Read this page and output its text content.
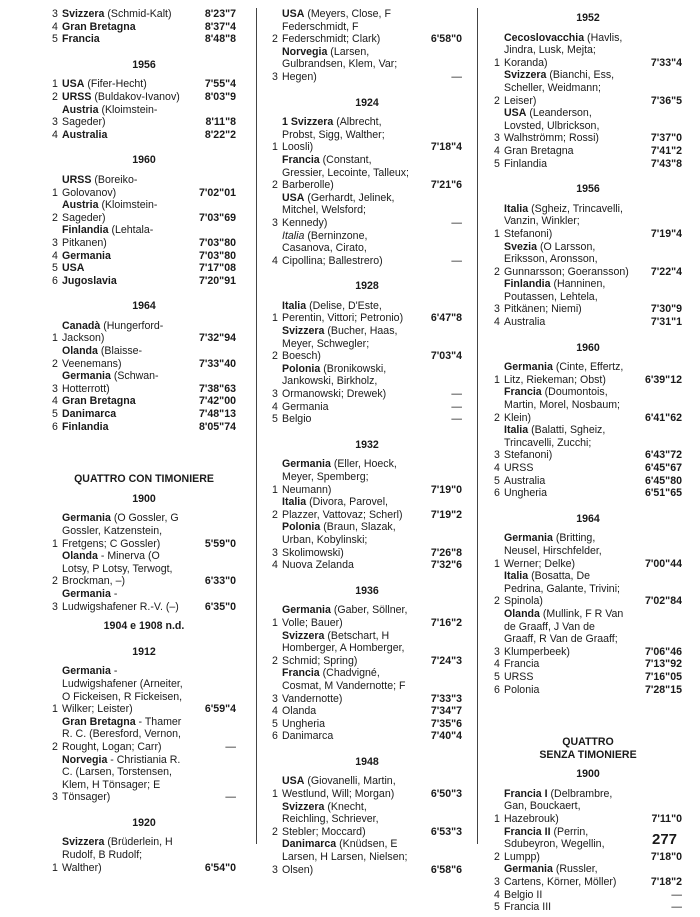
3 Svizzera (Schmid-Kalt)	8'23"7
4 Gran Bretagna	8'37"4
5 Francia	8'48"8
1956
1 USA (Fifer-Hecht)	7'55"4
2 URSS (Buldakov-Ivanov)	8'03"9
3
Austria (Kloimstein-Sageder)	8'11"8
4 Australia	8'22"2
1960
1
URSS (Boreiko-Golovanov)	7'02"01
2
Austria (Kloimstein-Sageder)	7'03"69
3
Finlandia (Lehtala-Pitkanen)	7'03"80
4 Germania	7'03"80
5 USA	7'17"08
6 Jugoslavia	7'20"91
1964
1
Canadà (Hungerford-Jackson)	7'32"94
2
Olanda (Blaisse-Veenemans)	7'33"40
3
Germania (Schwan-Hotterrott)	7'38"63
4 Gran Bretagna	7'42"00
5 Danimarca	7'48"13
6 Finlandia	8'05"74
QUATTRO CON TIMONIERE
1900
1
Germania (O Gossler, G Gossler, Katzenstein, Fretgens; C Gossler)	5'59"0
2
Olanda - Minerva (O Lotsy, P Lotsy, Terwogt, Brockman, –)	6'33"0
3
Germania - Ludwigshafener R.-V. (–)	6'35"0
1904 e 1908 n.d.
1912
1
Germania - Ludwigshafener (Arneiter, O Fickeisen, R Fickeisen, Wilker; Leister)	6'59"4
2
Gran Bretagna - Thamer R. C. (Beresford, Vernon, Rought, Logan; Carr)	—
3
Norvegia - Christiania R. C. (Larsen, Torstensen, Klem, H Tönsager; E Tönsager)	—
1920
1
Svizzera (Brüderlein, H Rudolf, B Rudolf; Walther)	6'54"0
2
USA (Meyers, Close, F Federschmidt, F Federschmidt; Clark)	6'58"0
3
Norvegia (Larsen, Gulbrandsen, Klem, Var; Hegen)	—
1924
1
1 Svizzera (Albrecht, Probst, Sigg, Walther; Loosli)	7'18"4
2
Francia (Constant, Gressier, Lecointe, Talleux; Barberolle)	7'21"6
3
USA (Gerhardt, Jelinek, Mitchel, Welsford; Kennedy)	—
4
Italia (Berninzone, Casanova, Cirato, Cipollina; Ballestrero)	—
1928
1
Italia (Delise, D'Este, Perentin, Vittori; Petronio)	6'47"8
2
Svizzera (Bucher, Haas, Meyer, Schwegler; Boesch)	7'03"4
3
Polonia (Bronikowski, Jankowski, Birkholz, Ormanowski; Drewek)	—
4 Germania	—
5 Belgio	—
1932
1
Germania (Eller, Hoeck, Meyer, Spemberg; Neumann)	7'19"0
2
Italia (Divora, Parovel, Plazzer, Vattovaz; Scherl)	7'19"2
3
Polonia (Braun, Slazak, Urban, Kobylinski; Skolimowski)	7'26"8
4 Nuova Zelanda	7'32"6
1936
1
Germania (Gaber, Söllner, Volle; Bauer)	7'16"2
2
Svizzera (Betschart, H Homberger, A Homberger, Schmid; Spring)	7'24"3
3
Francia (Chadvigné, Cosmat, M Vandernotte; F Vandernotte)	7'33"3
4 Olanda	7'34"7
5 Ungheria	7'35"6
6 Danimarca	7'40"4
1948
1
USA (Giovanelli, Martin, Westlund, Will; Morgan)	6'50"3
2
Svizzera (Knecht, Reichling, Schriever, Stebler; Moccard)	6'53"3
3
Danimarca (Knüdsen, E Larsen, H Larsen, Nielsen; Olsen)	6'58"6
1952
1
Cecoslovacchia (Havlis, Jindra, Lusk, Mejta; Koranda)	7'33"4
2
Svizzera (Bianchi, Ess, Scheller, Weidmann; Leiser)	7'36"5
3
USA (Leanderson, Lovsted, Ulbrickson, Walhströmm; Rossi)	7'37"0
4 Gran Bretagna	7'41"2
5 Finlandia	7'43"8
1956
1
Italia (Sgheiz, Trincavelli, Vanzin, Winkler; Stefanoni)	7'19"4
2
Svezia (O Larsson, Eriksson, Aronsson, Gunnarsson; Goeransson)	7'22"4
3
Finlandia (Hanninen, Poutassen, Lehtela, Pitkänen; Niemi)	7'30"9
4 Australia	7'31"1
1960
1
Germania (Cinte, Effertz, Litz, Riekeman; Obst)	6'39"12
2
Francia (Doumontois, Martin, Morel, Nosbaum; Klein)	6'41"62
3
Italia (Balatti, Sgheiz, Trincavelli, Zucchi; Stefanoni)	6'43"72
4 URSS	6'45"67
5 Australia	6'45"80
6 Ungheria	6'51"65
1964
1
Germania (Britting, Neusel, Hirschfelder, Werner; Delke)	7'00"44
2
Italia (Bosatta, De Pedrina, Galante, Trivini; Spinola)	7'02"84
3
Olanda (Mullink, F R Van de Graaff, J Van de Graaff, R Van de Graaff; Klumperbeek)	7'06"46
4 Francia	7'13"92
5 URSS	7'16"05
6 Polonia	7'28"15
QUATTRO
SENZA TIMONIERE
1900
1
Francia I (Delbrambre, Gan, Bouckaert, Hazebrouk)	7'11"0
2
Francia II (Perrin, Sdubeyron, Wegellin, Lumpp)	7'18"0
3
Germania (Russler, Cartens, Körner, Möller)	7'18"2
4 Belgio II	—
5 Francia III	—
277
